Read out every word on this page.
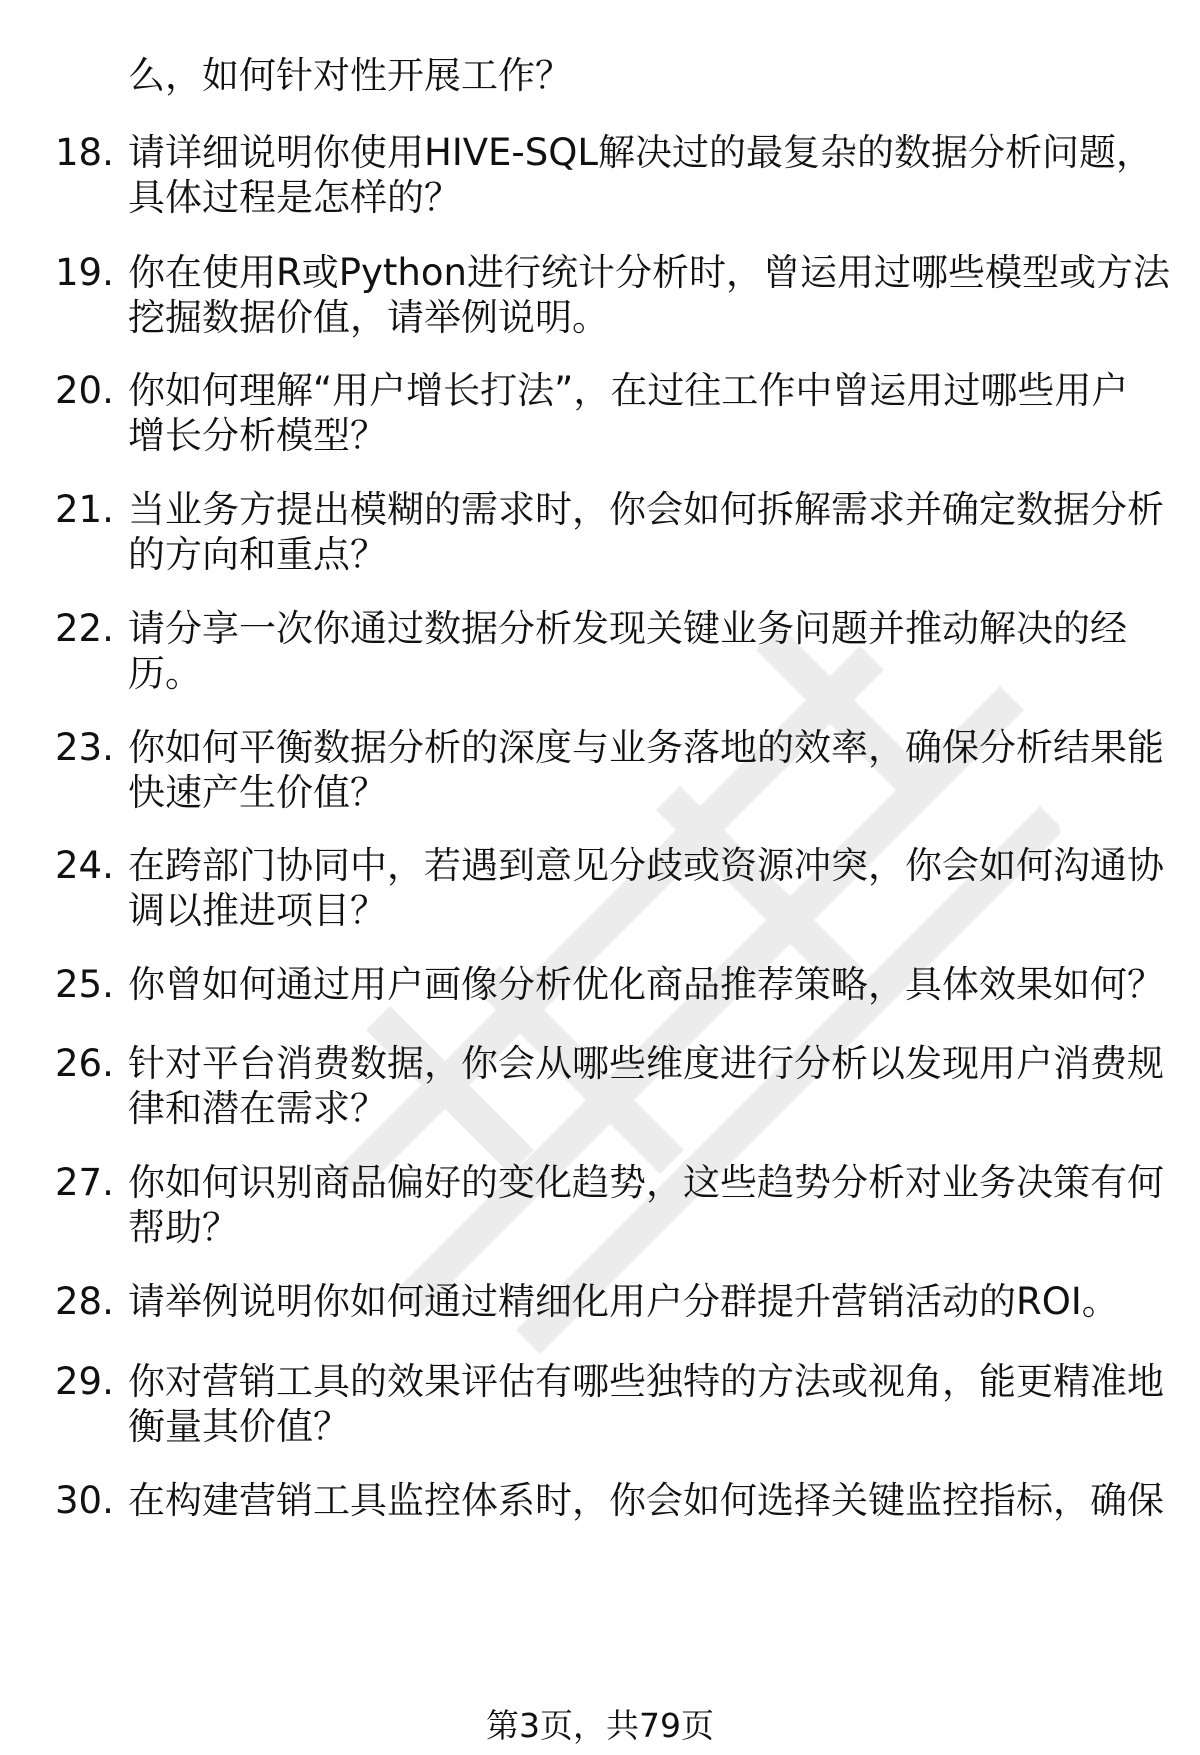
么，如何针对性开展工作？
18. 请详细说明你使用HIVE-SQL解决过的最复杂的数据分析问题，
具体过程是怎样的？
19. 你在使用R或Python进行统计分析时，曾运用过哪些模型或方法
挖掘数据价值，请举例说明。
20. 你如何理解“用户增长打法”，在过往工作中曾运用过哪些用户
增长分析模型？
21. 当业务方提出模糊的需求时，你会如何拆解需求并确定数据分析
的方向和重点？
22. 请分享一次你通过数据分析发现关键业务问题并推动解决的经
历。
23. 你如何平衡数据分析的深度与业务落地的效率，确保分析结果能
快速产生价值？
24. 在跨部门协同中，若遇到意见分歧或资源冲突，你会如何沟通协
调以推进项目？
25. 你曾如何通过用户画像分析优化商品推荐策略，具体效果如何？
26. 针对平台消费数据，你会从哪些维度进行分析以发现用户消费规
律和潜在需求？
27. 你如何识别商品偏好的变化趋势，这些趋势分析对业务决策有何
帮助？
28. 请举例说明你如何通过精细化用户分群提升营销活动的ROI。
29. 你对营销工具的效果评估有哪些独特的方法或视角，能更精准地
衡量其价值？
30. 在构建营销工具监控体系时，你会如何选择关键监控指标，确保
第3页，共79页
